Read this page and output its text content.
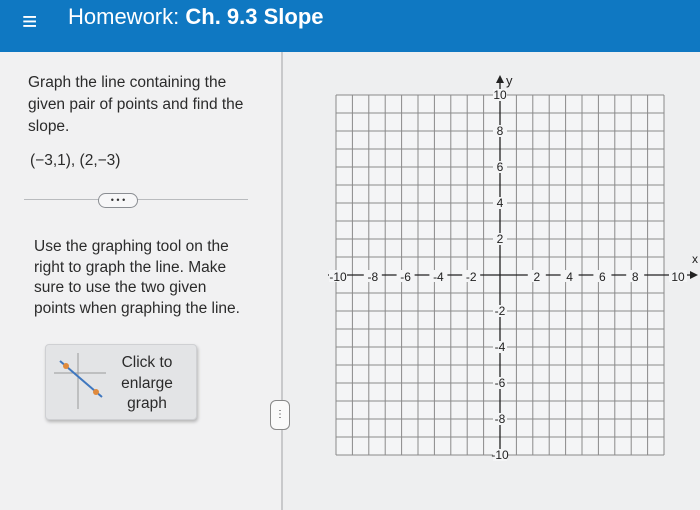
≡ Homework: Ch. 9.3 Slope
Graph the line containing the given pair of points and find the slope.
(−3,1), (2,−3)
• • •
Use the graphing tool on the right to graph the line. Make sure to use the two given points when graphing the line.
Click to enlarge graph
⋮
y
x
-10 -8 -6 -4 -2	2 4 6 8	10
10
8
6
4
2
-2
-4
-6
-8
-10
